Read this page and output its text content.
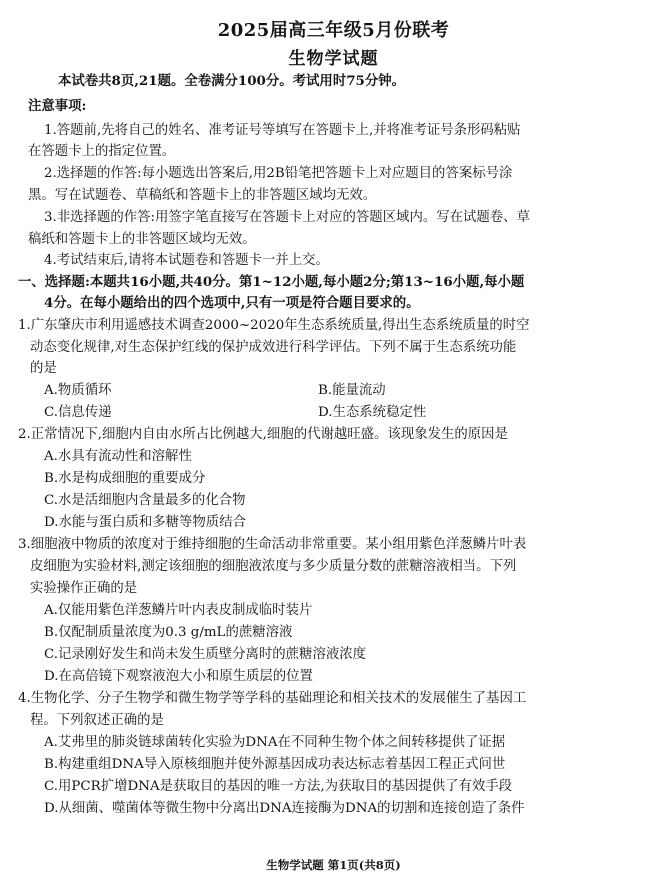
2025届高三年级5月份联考
生物学试题
本试卷共8页,21题。全卷满分100分。考试用时75分钟。
注意事项:
1.答题前,先将自己的姓名、准考证号等填写在答题卡上,并将准考证号条形码粘贴
在答题卡上的指定位置。
2.选择题的作答:每小题选出答案后,用2B铅笔把答题卡上对应题目的答案标号涂
黑。写在试题卷、草稿纸和答题卡上的非答题区域均无效。
3.非选择题的作答:用签字笔直接写在答题卡上对应的答题区域内。写在试题卷、草
稿纸和答题卡上的非答题区域均无效。
4.考试结束后,请将本试题卷和答题卡一并上交。
一、选择题:本题共16小题,共40分。第1~12小题,每小题2分;第13~16小题,每小题
4分。在每小题给出的四个选项中,只有一项是符合题目要求的。
1.广东肇庆市利用遥感技术调查2000~2020年生态系统质量,得出生态系统质量的时空
动态变化规律,对生态保护红线的保护成效进行科学评估。下列不属于生态系统功能
的是
A.物质循环	B.能量流动
C.信息传递	D.生态系统稳定性
2.正常情况下,细胞内自由水所占比例越大,细胞的代谢越旺盛。该现象发生的原因是
A.水具有流动性和溶解性
B.水是构成细胞的重要成分
C.水是活细胞内含量最多的化合物
D.水能与蛋白质和多糖等物质结合
3.细胞液中物质的浓度对于维持细胞的生命活动非常重要。某小组用紫色洋葱鳞片叶表
皮细胞为实验材料,测定该细胞的细胞液浓度与多少质量分数的蔗糖溶液相当。下列
实验操作正确的是
A.仅能用紫色洋葱鳞片叶内表皮制成临时装片
B.仅配制质量浓度为0.3 g/mL的蔗糖溶液
C.记录刚好发生和尚未发生质壁分离时的蔗糖溶液浓度
D.在高倍镜下观察液泡大小和原生质层的位置
4.生物化学、分子生物学和微生物学等学科的基础理论和相关技术的发展催生了基因工
程。下列叙述正确的是
A.艾弗里的肺炎链球菌转化实验为DNA在不同种生物个体之间转移提供了证据
B.构建重组DNA导入原核细胞并使外源基因成功表达标志着基因工程正式问世
C.用PCR扩增DNA是获取目的基因的唯一方法,为获取目的基因提供了有效手段
D.从细菌、噬菌体等微生物中分离出DNA连接酶为DNA的切割和连接创造了条件
生物学试题 第1页(共8页)
